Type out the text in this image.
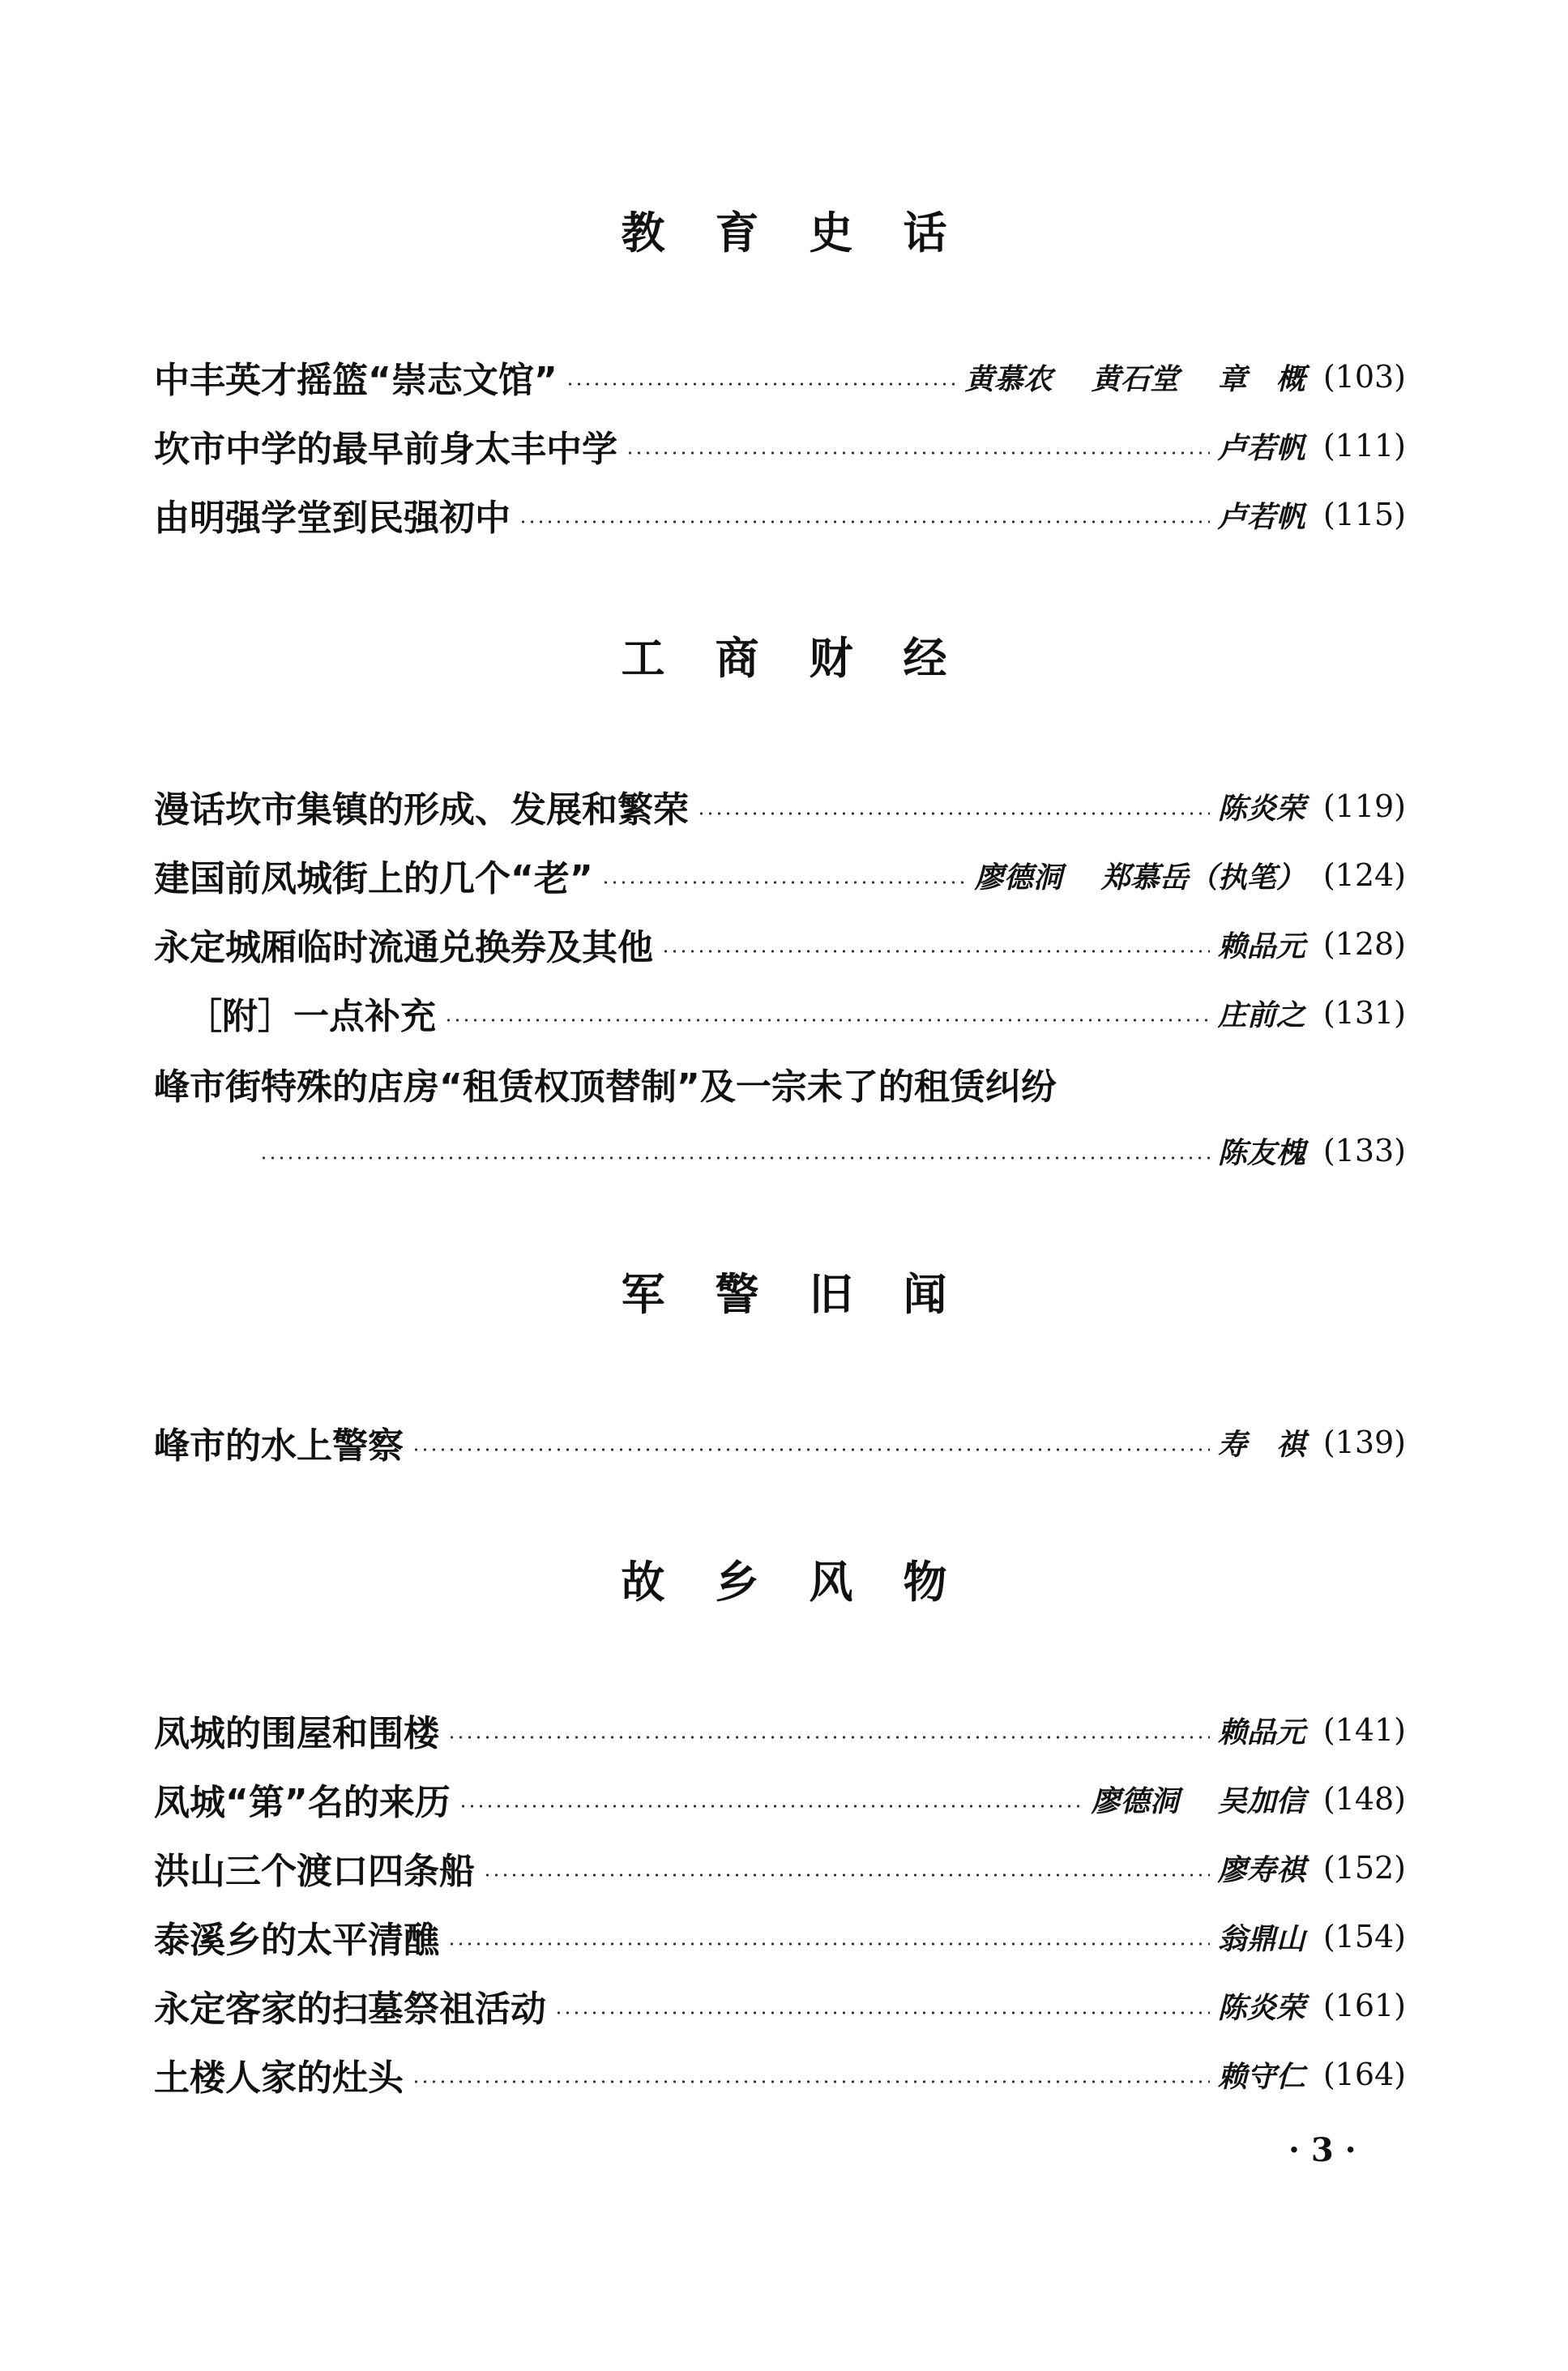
教 育 史 话
中丰英才摇篮“崇志文馆”	黄慕农 黄石堂 章　概 (103)
坎市中学的最早前身太丰中学	卢若帆 (111)
由明强学堂到民强初中	卢若帆 (115)
工 商 财 经
漫话坎市集镇的形成、发展和繁荣	陈炎荣 (119)
建国前凤城街上的几个“老”	廖德洞 郑慕岳（执笔） (124)
永定城厢临时流通兑换券及其他	赖品元 (128)
［附］一点补充	庄前之 (131)
峰市街特殊的店房“租赁权顶替制”及一宗未了的租赁纠纷
陈友槐 (133)
军 警 旧 闻
峰市的水上警察	寿　祺 (139)
故 乡 风 物
凤城的围屋和围楼	赖品元 (141)
凤城“第”名的来历	廖德洞 吴加信 (148)
洪山三个渡口四条船	廖寿祺 (152)
泰溪乡的太平清醮	翁鼎山 (154)
永定客家的扫墓祭祖活动	陈炎荣 (161)
土楼人家的灶头	赖守仁 (164)
· 3 ·
